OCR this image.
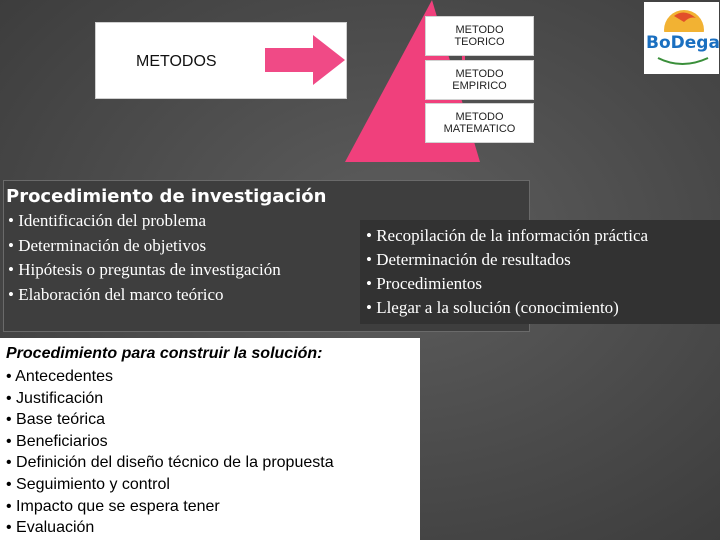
METODOS
METODO
TEORICO
METODO
EMPIRICO
METODO
MATEMATICO
BoDega
Procedimiento de investigación
• Identificación del problema
• Determinación de objetivos
• Hipótesis o preguntas de investigación
• Elaboración del marco teórico
• Recopilación de la información práctica
• Determinación de resultados
• Procedimientos
• Llegar a la solución (conocimiento)
Procedimiento para construir la solución:
• Antecedentes
• Justificación
• Base teórica
• Beneficiarios
• Definición del diseño técnico de la propuesta
• Seguimiento y control
• Impacto que se espera tener
• Evaluación
